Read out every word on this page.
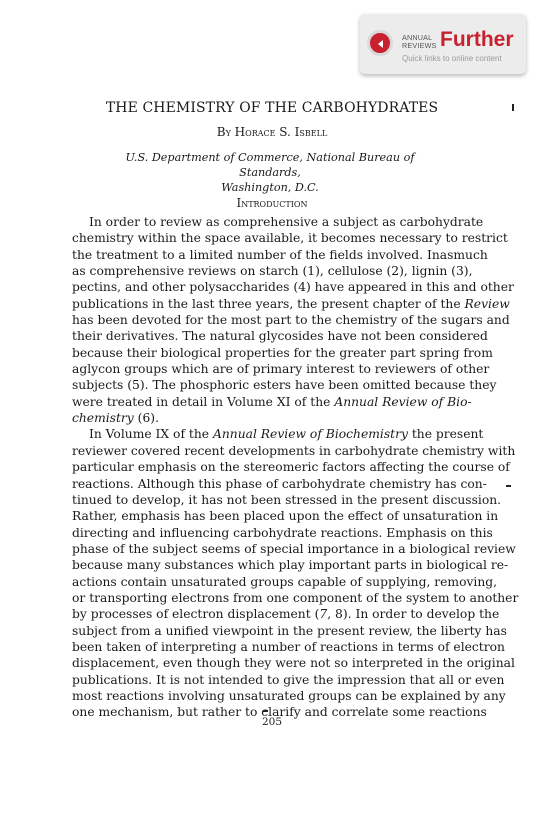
ANNUAL
REVIEWS Further
Quick links to online content
THE CHEMISTRY OF THE CARBOHYDRATES
By Horace S. Isbell
U.S. Department of Commerce, National Bureau of Standards,
Washington, D.C.
Introduction
In order to review as comprehensive a subject as carbohydrate
chemistry within the space available, it becomes necessary to restrict
the treatment to a limited number of the fields involved. Inasmuch
as comprehensive reviews on starch (1), cellulose (2), lignin (3),
pectins, and other polysaccharides (4) have appeared in this and other
publications in the last three years, the present chapter of the Review
has been devoted for the most part to the chemistry of the sugars and
their derivatives. The natural glycosides have not been considered
because their biological properties for the greater part spring from
aglycon groups which are of primary interest to reviewers of other
subjects (5). The phosphoric esters have been omitted because they
were treated in detail in Volume XI of the Annual Review of Bio-
chemistry (6).
In Volume IX of the Annual Review of Biochemistry the present
reviewer covered recent developments in carbohydrate chemistry with
particular emphasis on the stereomeric factors affecting the course of
reactions. Although this phase of carbohydrate chemistry has con-
tinued to develop, it has not been stressed in the present discussion.
Rather, emphasis has been placed upon the effect of unsaturation in
directing and influencing carbohydrate reactions. Emphasis on this
phase of the subject seems of special importance in a biological review
because many substances which play important parts in biological re-
actions contain unsaturated groups capable of supplying, removing,
or transporting electrons from one component of the system to another
by processes of electron displacement (7, 8). In order to develop the
subject from a unified viewpoint in the present review, the liberty has
been taken of interpreting a number of reactions in terms of electron
displacement, even though they were not so interpreted in the original
publications. It is not intended to give the impression that all or even
most reactions involving unsaturated groups can be explained by any
one mechanism, but rather to clarify and correlate some reactions
205
